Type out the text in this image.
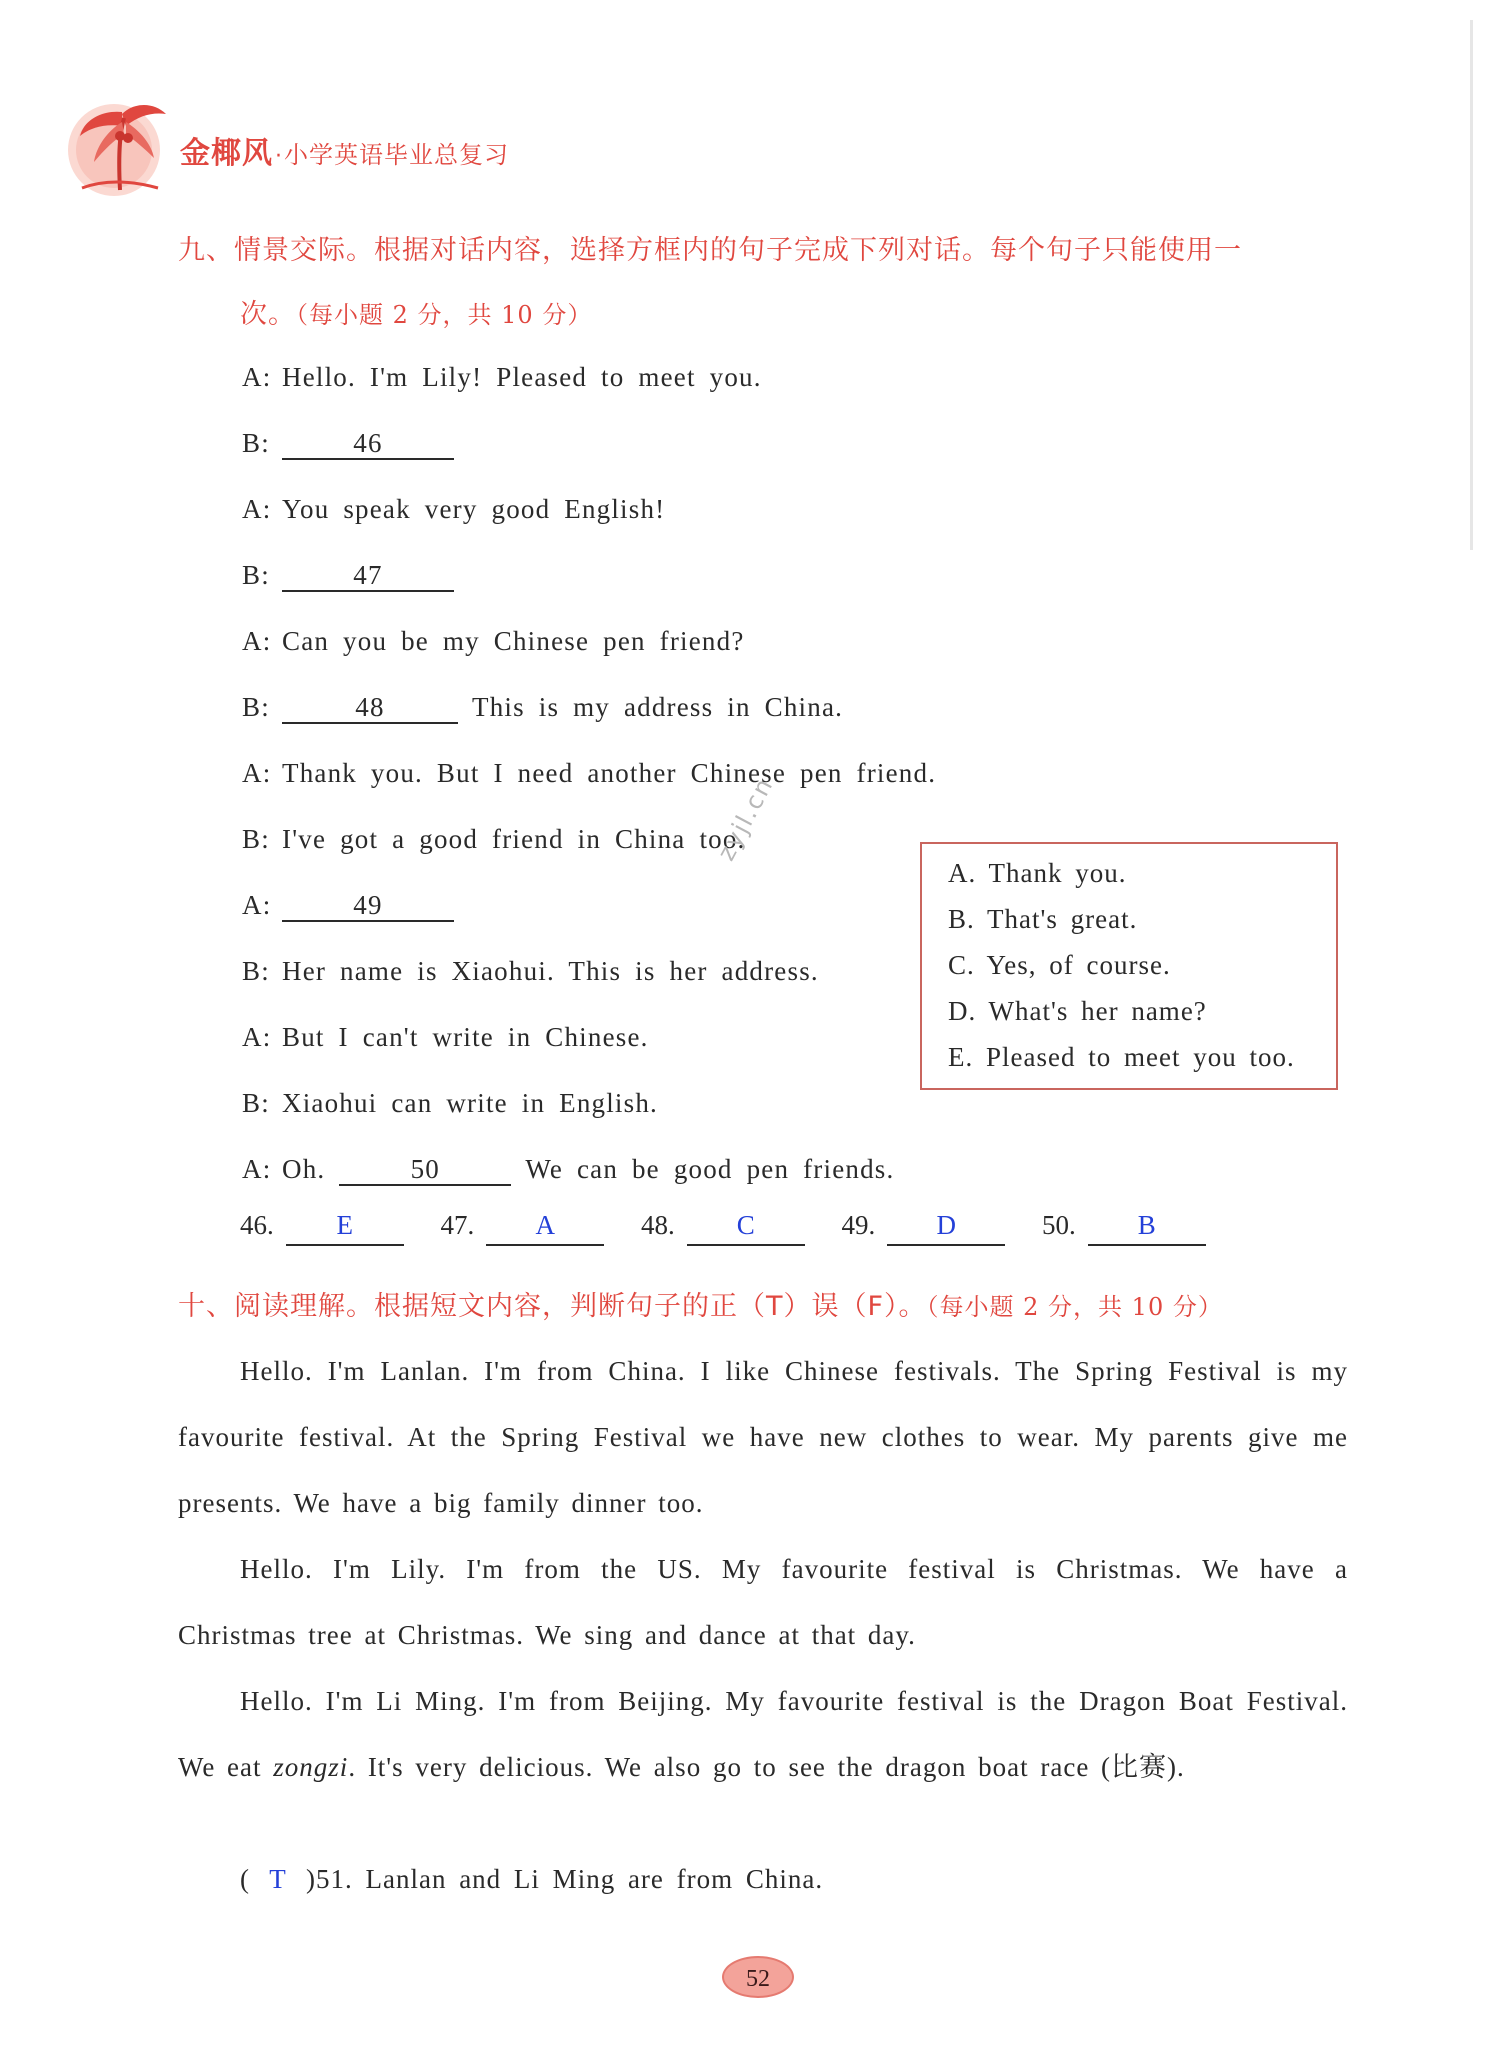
金椰风·小学英语毕业总复习
九、情景交际。根据对话内容，选择方框内的句子完成下列对话。每个句子只能使用一
次。（每小题 2 分，共 10 分）
A: Hello. I'm Lily! Pleased to meet you.
B:	46
A: You speak very good English!
B:	47
A: Can you be my Chinese pen friend?
B:	48	This is my address in China.
A: Thank you. But I need another Chinese pen friend.
B: I've got a good friend in China too.
A:	49
B: Her name is Xiaohui. This is her address.
A: But I can't write in Chinese.
B: Xiaohui can write in English.
A: Oh.	50	We can be good pen friends.
zyjl.cn
A. Thank you.
B. That's great.
C. Yes, of course.
D. What's her name?
E. Pleased to meet you too.
46. E	47. A	48. C	49. D	50. B
十、阅读理解。根据短文内容，判断句子的正（T）误（F）。（每小题 2 分，共 10 分）
Hello. I'm Lanlan. I'm from China. I like Chinese festivals. The Spring Festival is my favourite festival. At the Spring Festival we have new clothes to wear. My parents give me presents. We have a big family dinner too.
Hello. I'm Lily. I'm from the US. My favourite festival is Christmas. We have a Christmas tree at Christmas. We sing and dance at that day.
Hello. I'm Li Ming. I'm from Beijing. My favourite festival is the Dragon Boat Festival. We eat zongzi. It's very delicious. We also go to see the dragon boat race (比赛).
( T )51. Lanlan and Li Ming are from China.
52
